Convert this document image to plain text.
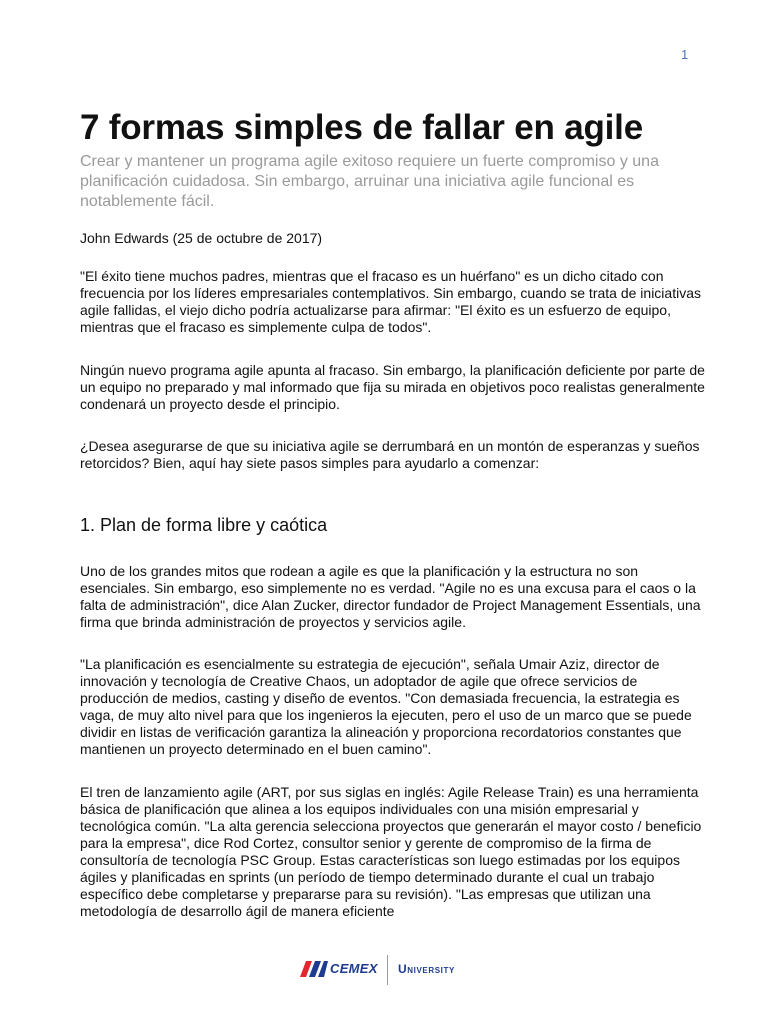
1
7 formas simples de fallar en agile

Crear y mantener un programa agile exitoso requiere un fuerte compromiso y una planificación cuidadosa. Sin embargo, arruinar una iniciativa agile funcional es notablemente fácil.

John Edwards (25 de octubre de 2017)

"El éxito tiene muchos padres, mientras que el fracaso es un huérfano" es un dicho citado con frecuencia por los líderes empresariales contemplativos. Sin embargo, cuando se trata de iniciativas agile fallidas, el viejo dicho podría actualizarse para afirmar: "El éxito es un esfuerzo de equipo, mientras que el fracaso es simplemente culpa de todos".

Ningún nuevo programa agile apunta al fracaso. Sin embargo, la planificación deficiente por parte de un equipo no preparado y mal informado que fija su mirada en objetivos poco realistas generalmente condenará un proyecto desde el principio.

¿Desea asegurarse de que su iniciativa agile se derrumbará en un montón de esperanzas y sueños retorcidos? Bien, aquí hay siete pasos simples para ayudarlo a comenzar:

1. Plan de forma libre y caótica

Uno de los grandes mitos que rodean a agile es que la planificación y la estructura no son esenciales. Sin embargo, eso simplemente no es verdad. "Agile no es una excusa para el caos o la falta de administración", dice Alan Zucker, director fundador de Project Management Essentials, una firma que brinda administración de proyectos y servicios agile.

"La planificación es esencialmente su estrategia de ejecución", señala Umair Aziz, director de innovación y tecnología de Creative Chaos, un adoptador de agile que ofrece servicios de producción de medios, casting y diseño de eventos. "Con demasiada frecuencia, la estrategia es vaga, de muy alto nivel para que los ingenieros la ejecuten, pero el uso de un marco que se puede dividir en listas de verificación garantiza la alineación y proporciona recordatorios constantes que mantienen un proyecto determinado en el buen camino".

El tren de lanzamiento agile (ART, por sus siglas en inglés: Agile Release Train) es una herramienta básica de planificación que alinea a los equipos individuales con una misión empresarial y tecnológica común. "La alta gerencia selecciona proyectos que generarán el mayor costo / beneficio para la empresa", dice Rod Cortez, consultor senior y gerente de compromiso de la firma de consultoría de tecnología PSC Group. Estas características son luego estimadas por los equipos ágiles y planificadas en sprints (un período de tiempo determinado durante el cual un trabajo específico debe completarse y prepararse para su revisión). "Las empresas que utilizan una metodología de desarrollo ágil de manera eficiente

CEMEX University
